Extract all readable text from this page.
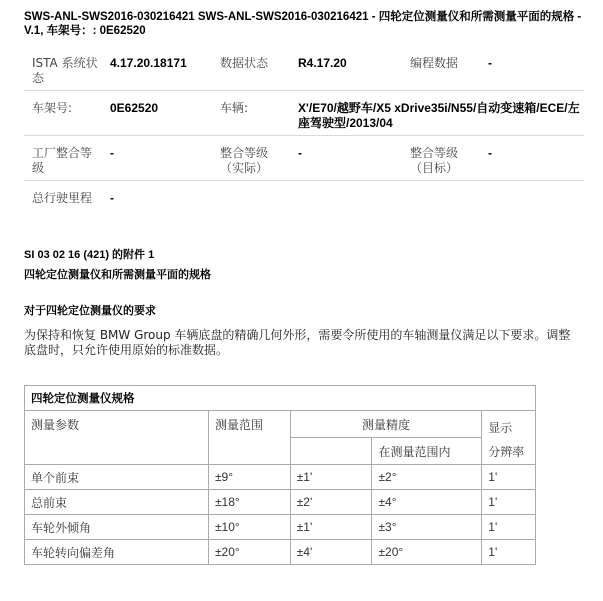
SWS-ANL-SWS2016-030216421 SWS-ANL-SWS2016-030216421 - 四轮定位测量仪和所需测量平面的规格 - V.1, 车架号：: 0E62520
ISTA 系统状态	4.17.20.18171	数据状态	R4.17.20	编程数据	-
车架号:	0E62520	车辆:	X'/E70/越野车/X5 xDrive35i/N55/自动变速箱/ECE/左座驾驶型/2013/04		
工厂整合等级	-	整合等级（实际）	-	整合等级（目标）	-
总行驶里程	-				

SI 03 02 16 (421) 的附件 1

四轮定位测量仪和所需测量平面的规格

对于四轮定位测量仪的要求

为保持和恢复 BMW Group 车辆底盘的精确几何外形，需要令所使用的车轴测量仪满足以下要求。调整底盘时，只允许使用原始的标准数据。

四轮定位测量仪规格				
测量参数	测量范围	测量精度		显示
分辨率
			在测量范围内	
单个前束	±9°	±1'	±2°	1'
总前束	±18°	±2'	±4°	1'
车轮外倾角	±10°	±1'	±3°	1'
车轮转向偏差角	±20°	±4'	±20°	1'
